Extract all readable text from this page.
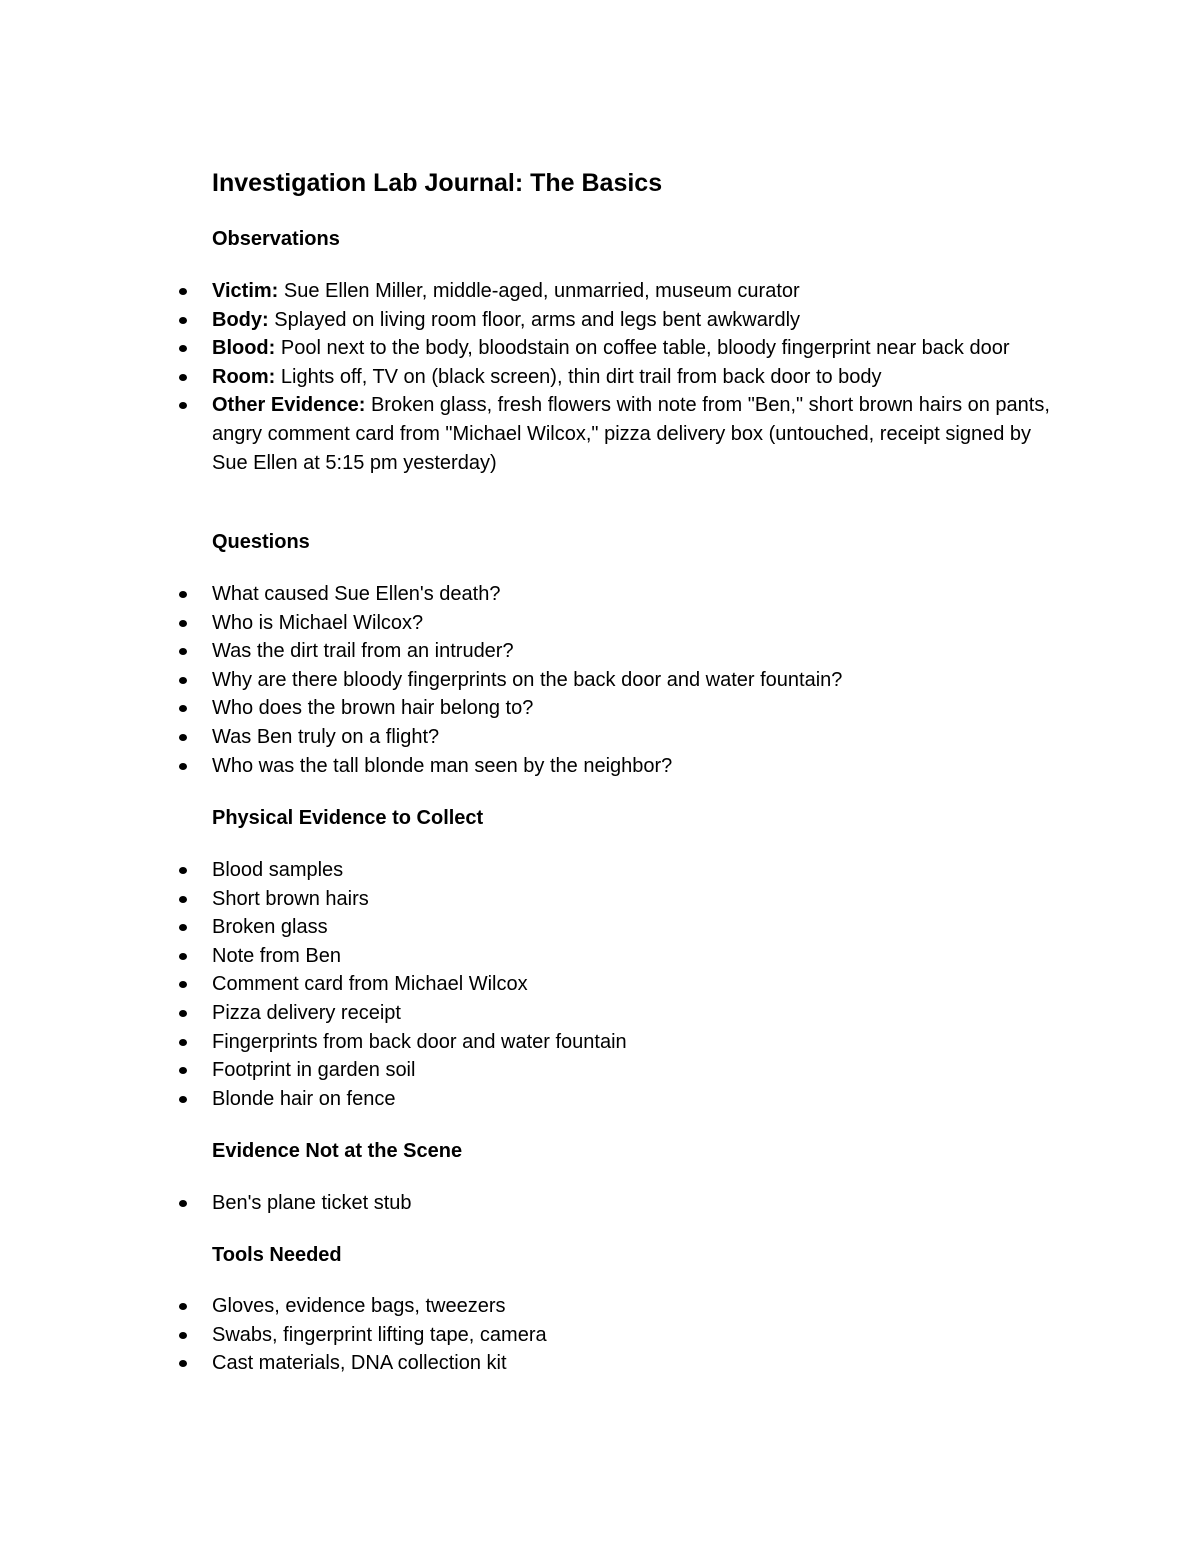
Investigation Lab Journal: The Basics
Observations
Victim: Sue Ellen Miller, middle-aged, unmarried, museum curator
Body: Splayed on living room floor, arms and legs bent awkwardly
Blood: Pool next to the body, bloodstain on coffee table, bloody fingerprint near back door
Room: Lights off, TV on (black screen), thin dirt trail from back door to body
Other Evidence: Broken glass, fresh flowers with note from "Ben," short brown hairs on pants, angry comment card from "Michael Wilcox," pizza delivery box (untouched, receipt signed by Sue Ellen at 5:15 pm yesterday)
Questions
What caused Sue Ellen's death?
Who is Michael Wilcox?
Was the dirt trail from an intruder?
Why are there bloody fingerprints on the back door and water fountain?
Who does the brown hair belong to?
Was Ben truly on a flight?
Who was the tall blonde man seen by the neighbor?
Physical Evidence to Collect
Blood samples
Short brown hairs
Broken glass
Note from Ben
Comment card from Michael Wilcox
Pizza delivery receipt
Fingerprints from back door and water fountain
Footprint in garden soil
Blonde hair on fence
Evidence Not at the Scene
Ben's plane ticket stub
Tools Needed
Gloves, evidence bags, tweezers
Swabs, fingerprint lifting tape, camera
Cast materials, DNA collection kit
